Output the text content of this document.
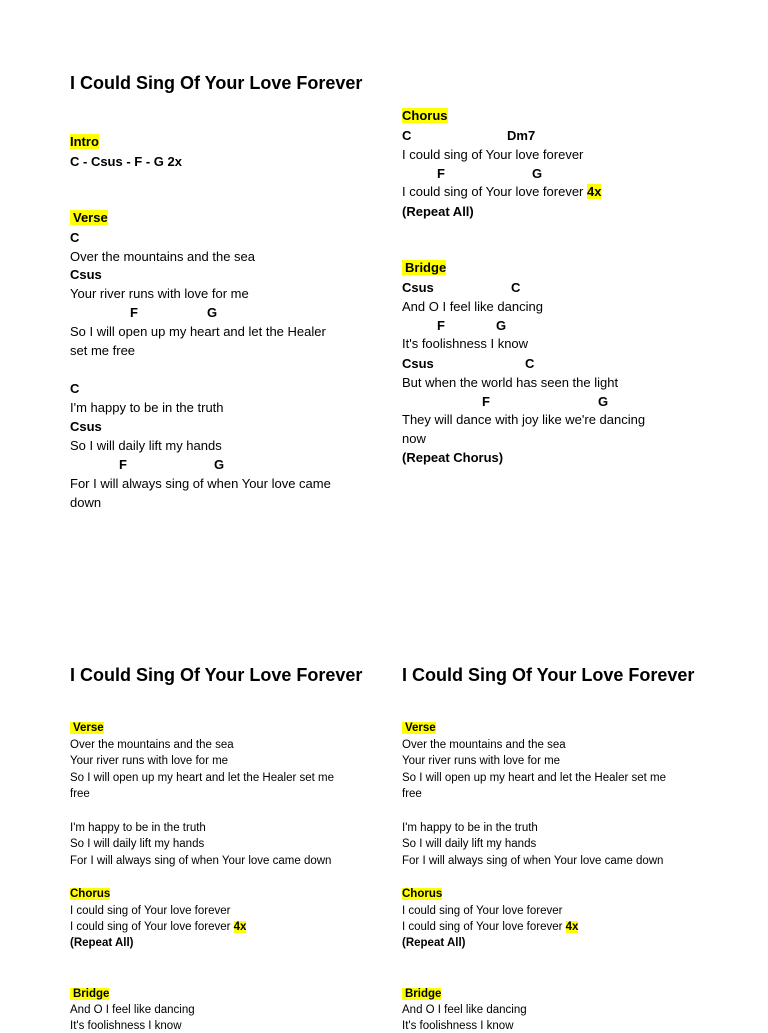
I Could Sing Of Your Love Forever
Intro
C - Csus - F - G 2x
Verse
C
Over the mountains and the sea
Csus
Your river runs with love for me
F	G
So I will open up my heart and let the Healer
set me free
C
I'm happy to be in the truth
Csus
So I will daily lift my hands
F	G
For I will always sing of when Your love came
down
Chorus
C	Dm7
I could sing of Your love forever
F	G
I could sing of Your love forever 4x
(Repeat All)
Bridge
Csus	C
And O I feel like dancing
F	G
It's foolishness I know
Csus	C
But when the world has seen the light
F	G
They will dance with joy like we're dancing
now
(Repeat Chorus)
I Could Sing Of Your Love Forever
Verse
Over the mountains and the sea
Your river runs with love for me
So I will open up my heart and let the Healer set me
free
I'm happy to be in the truth
So I will daily lift my hands
For I will always sing of when Your love came down
Chorus
I could sing of Your love forever
I could sing of Your love forever 4x
(Repeat All)
Bridge
And O I feel like dancing
It's foolishness I know
I Could Sing Of Your Love Forever
Verse
Over the mountains and the sea
Your river runs with love for me
So I will open up my heart and let the Healer set me
free
I'm happy to be in the truth
So I will daily lift my hands
For I will always sing of when Your love came down
Chorus
I could sing of Your love forever
I could sing of Your love forever 4x
(Repeat All)
Bridge
And O I feel like dancing
It's foolishness I know
